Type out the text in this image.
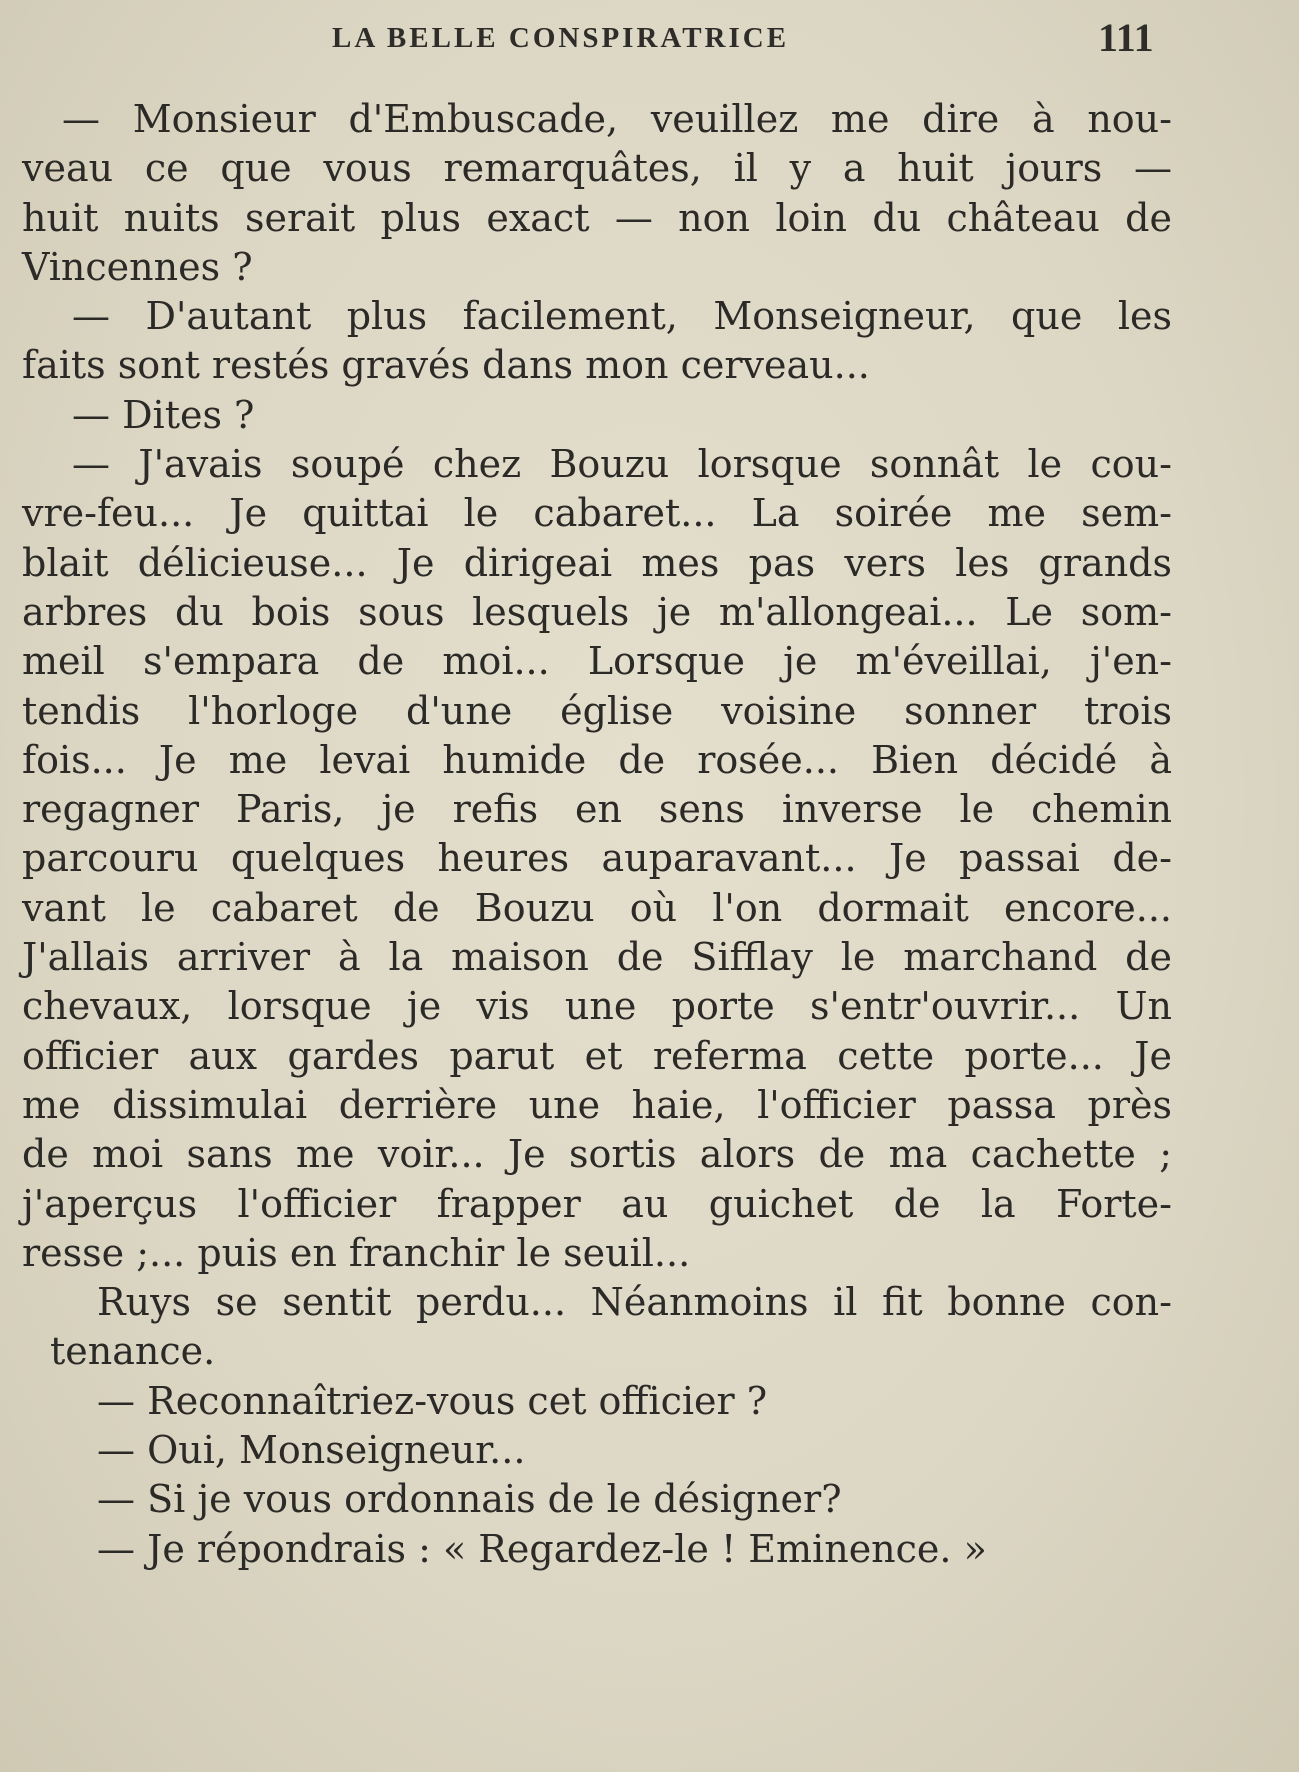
LA BELLE CONSPIRATRICE	111
— Monsieur d'Embuscade, veuillez me dire à nou-
veau ce que vous remarquâtes, il y a huit jours —
huit nuits serait plus exact — non loin du château de
Vincennes ?
— D'autant plus facilement, Monseigneur, que les
faits sont restés gravés dans mon cerveau...
— Dites ?
— J'avais soupé chez Bouzu lorsque sonnât le cou-
vre-feu... Je quittai le cabaret... La soirée me sem-
blait délicieuse... Je dirigeai mes pas vers les grands
arbres du bois sous lesquels je m'allongeai... Le som-
meil s'empara de moi... Lorsque je m'éveillai, j'en-
tendis l'horloge d'une église voisine sonner trois
fois... Je me levai humide de rosée... Bien décidé à
regagner Paris, je refis en sens inverse le chemin
parcouru quelques heures auparavant... Je passai de-
vant le cabaret de Bouzu où l'on dormait encore...
J'allais arriver à la maison de Sifflay le marchand de
chevaux, lorsque je vis une porte s'entr'ouvrir... Un
officier aux gardes parut et referma cette porte... Je
me dissimulai derrière une haie, l'officier passa près
de moi sans me voir... Je sortis alors de ma cachette ;
j'aperçus l'officier frapper au guichet de la Forte-
resse ;... puis en franchir le seuil...
Ruys se sentit perdu... Néanmoins il fit bonne con-
tenance.
— Reconnaîtriez-vous cet officier ?
— Oui, Monseigneur...
— Si je vous ordonnais de le désigner?
— Je répondrais : « Regardez-le ! Eminence. »
